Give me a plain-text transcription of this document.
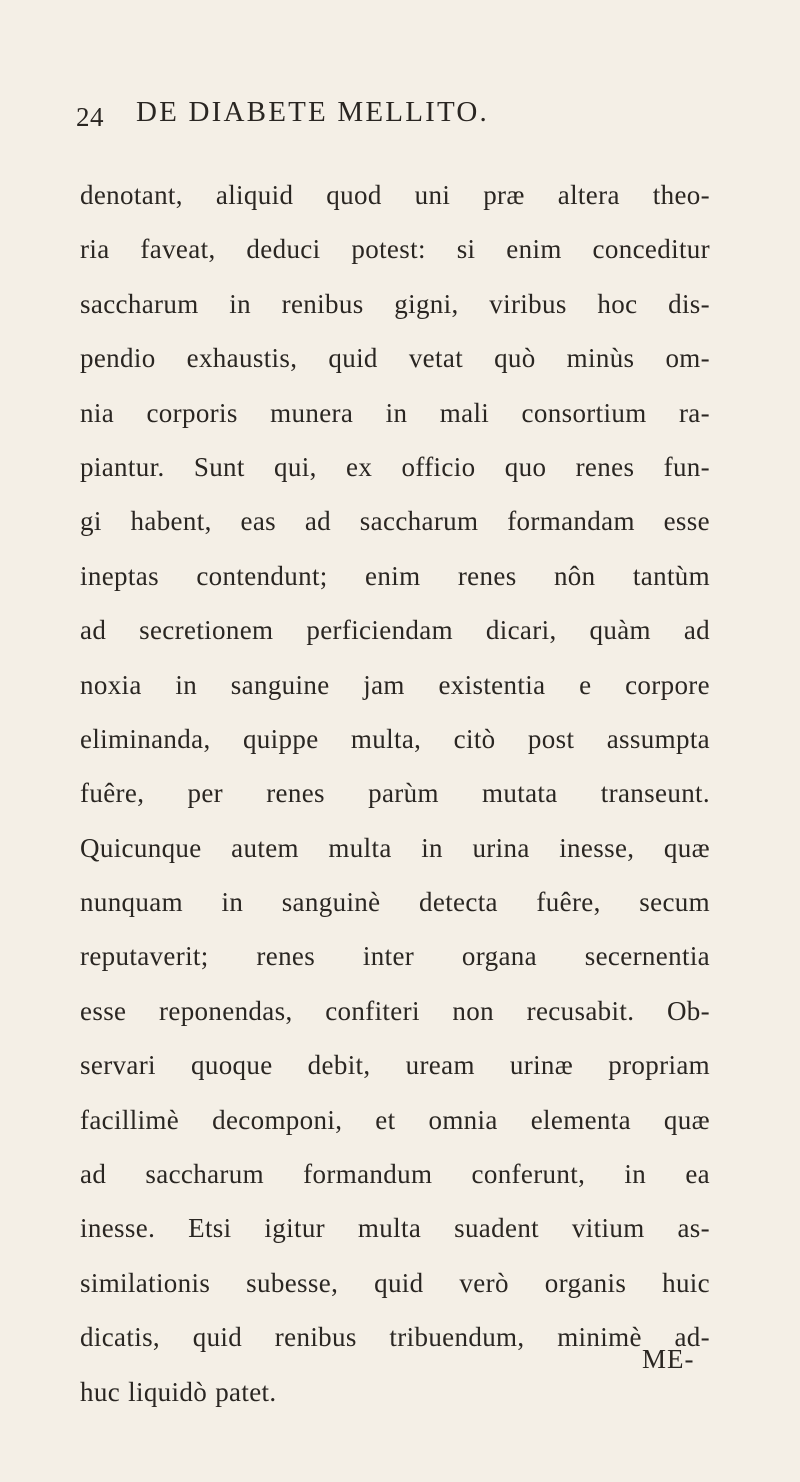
24 DE DIABETE MELLITO.
denotant, aliquid quod uni præ altera theo-
ria faveat, deduci potest: si enim conceditur
saccharum in renibus gigni, viribus hoc dis-
pendio exhaustis, quid vetat quò minùs om-
nia corporis munera in mali consortium ra-
piantur. Sunt qui, ex officio quo renes fun-
gi habent, eas ad saccharum formandam esse
ineptas contendunt; enim renes nôn tantùm
ad secretionem perficiendam dicari, quàm ad
noxia in sanguine jam existentia e corpore
eliminanda, quippe multa, citò post assumpta
fuêre, per renes parùm mutata transeunt.
Quicunque autem multa in urina inesse, quæ
nunquam in sanguinè detecta fuêre, secum
reputaverit; renes inter organa secernentia
esse reponendas, confiteri non recusabit. Ob-
servari quoque debit, uream urinæ propriam
facillimè decomponi, et omnia elementa quæ
ad saccharum formandum conferunt, in ea
inesse. Etsi igitur multa suadent vitium as-
similationis subesse, quid verò organis huic
dicatis, quid renibus tribuendum, minimè ad-
huc liquidò patet.
ME-
